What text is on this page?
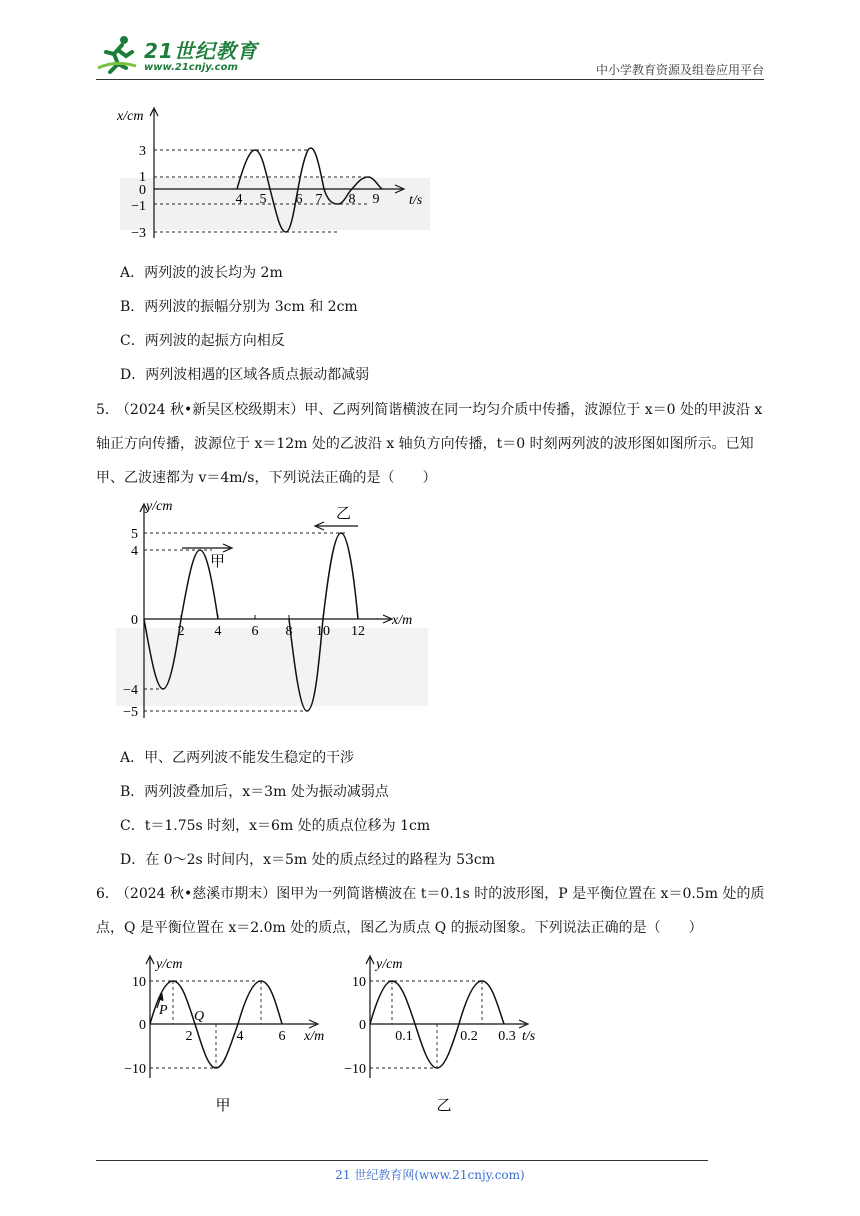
21世纪教育
www.21cnjy.com	中小学教育资源及组卷应用平台
x/cm
t/s
3
1
0
−1
−3
4 5 6 7 8 9
A．两列波的波长均为 2m
B．两列波的振幅分别为 3cm 和 2cm
C．两列波的起振方向相反
D．两列波相遇的区域各质点振动都减弱
5． （2024 秋•新吴区校级期末）甲、乙两列简谐横波在同一均匀介质中传播，波源位于 x＝0 处的甲波沿 x 轴正方向传播，波源位于 x＝12m 处的乙波沿 x 轴负方向传播，t＝0 时刻两列波的波形图如图所示。已知甲、乙波速都为 v＝4m/s，下列说法正确的是（　　）
y/cm
x/m
5
4
0
−4
−5
2 4 6 8 10 12
甲
乙
A．甲、乙两列波不能发生稳定的干涉
B．两列波叠加后，x＝3m 处为振动减弱点
C．t＝1.75s 时刻，x＝6m 处的质点位移为 1cm
D．在 0～2s 时间内，x＝5m 处的质点经过的路程为 53cm
6． （2024 秋•慈溪市期末）图甲为一列简谐横波在 t＝0.1s 时的波形图，P 是平衡位置在 x＝0.5m 处的质点，Q 是平衡位置在 x＝2.0m 处的质点，图乙为质点 Q 的振动图象。下列说法正确的是（　　）
y/cm
x/m
10
0
−10
2	4	6
P Q
甲
y/cm
t/s
10
0
−10
0.1	0.2 0.3
乙
21 世纪教育网(www.21cnjy.com)
